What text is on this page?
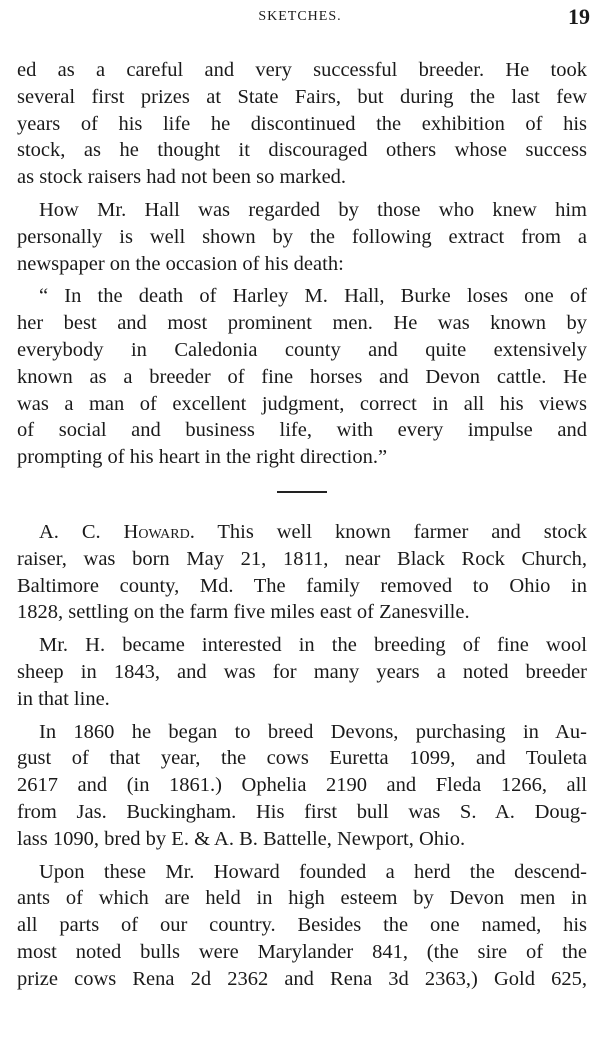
SKETCHES.	19

ed as a careful and very successful breeder. He took
several first prizes at State Fairs, but during the last few
years of his life he discontinued the exhibition of his
stock, as he thought it discouraged others whose success
as stock raisers had not been so marked.

How Mr. Hall was regarded by those who knew him
personally is well shown by the following extract from a
newspaper on the occasion of his death:

“ In the death of Harley M. Hall, Burke loses one of
her best and most prominent men. He was known by
everybody in Caledonia county and quite extensively
known as a breeder of fine horses and Devon cattle. He
was a man of excellent judgment, correct in all his views
of social and business life, with every impulse and
prompting of his heart in the right direction.”

A. C. Howard. This well known farmer and stock
raiser, was born May 21, 1811, near Black Rock Church,
Baltimore county, Md. The family removed to Ohio in
1828, settling on the farm five miles east of Zanesville.

Mr. H. became interested in the breeding of fine wool
sheep in 1843, and was for many years a noted breeder
in that line.

In 1860 he began to breed Devons, purchasing in Au-
gust of that year, the cows Euretta 1099, and Touleta
2617 and (in 1861.) Ophelia 2190 and Fleda 1266, all
from Jas. Buckingham. His first bull was S. A. Doug-
lass 1090, bred by E. & A. B. Battelle, Newport, Ohio.

Upon these Mr. Howard founded a herd the descend-
ants of which are held in high esteem by Devon men in
all parts of our country. Besides the one named, his
most noted bulls were Marylander 841, (the sire of the
prize cows Rena 2d 2362 and Rena 3d 2363,) Gold 625,
